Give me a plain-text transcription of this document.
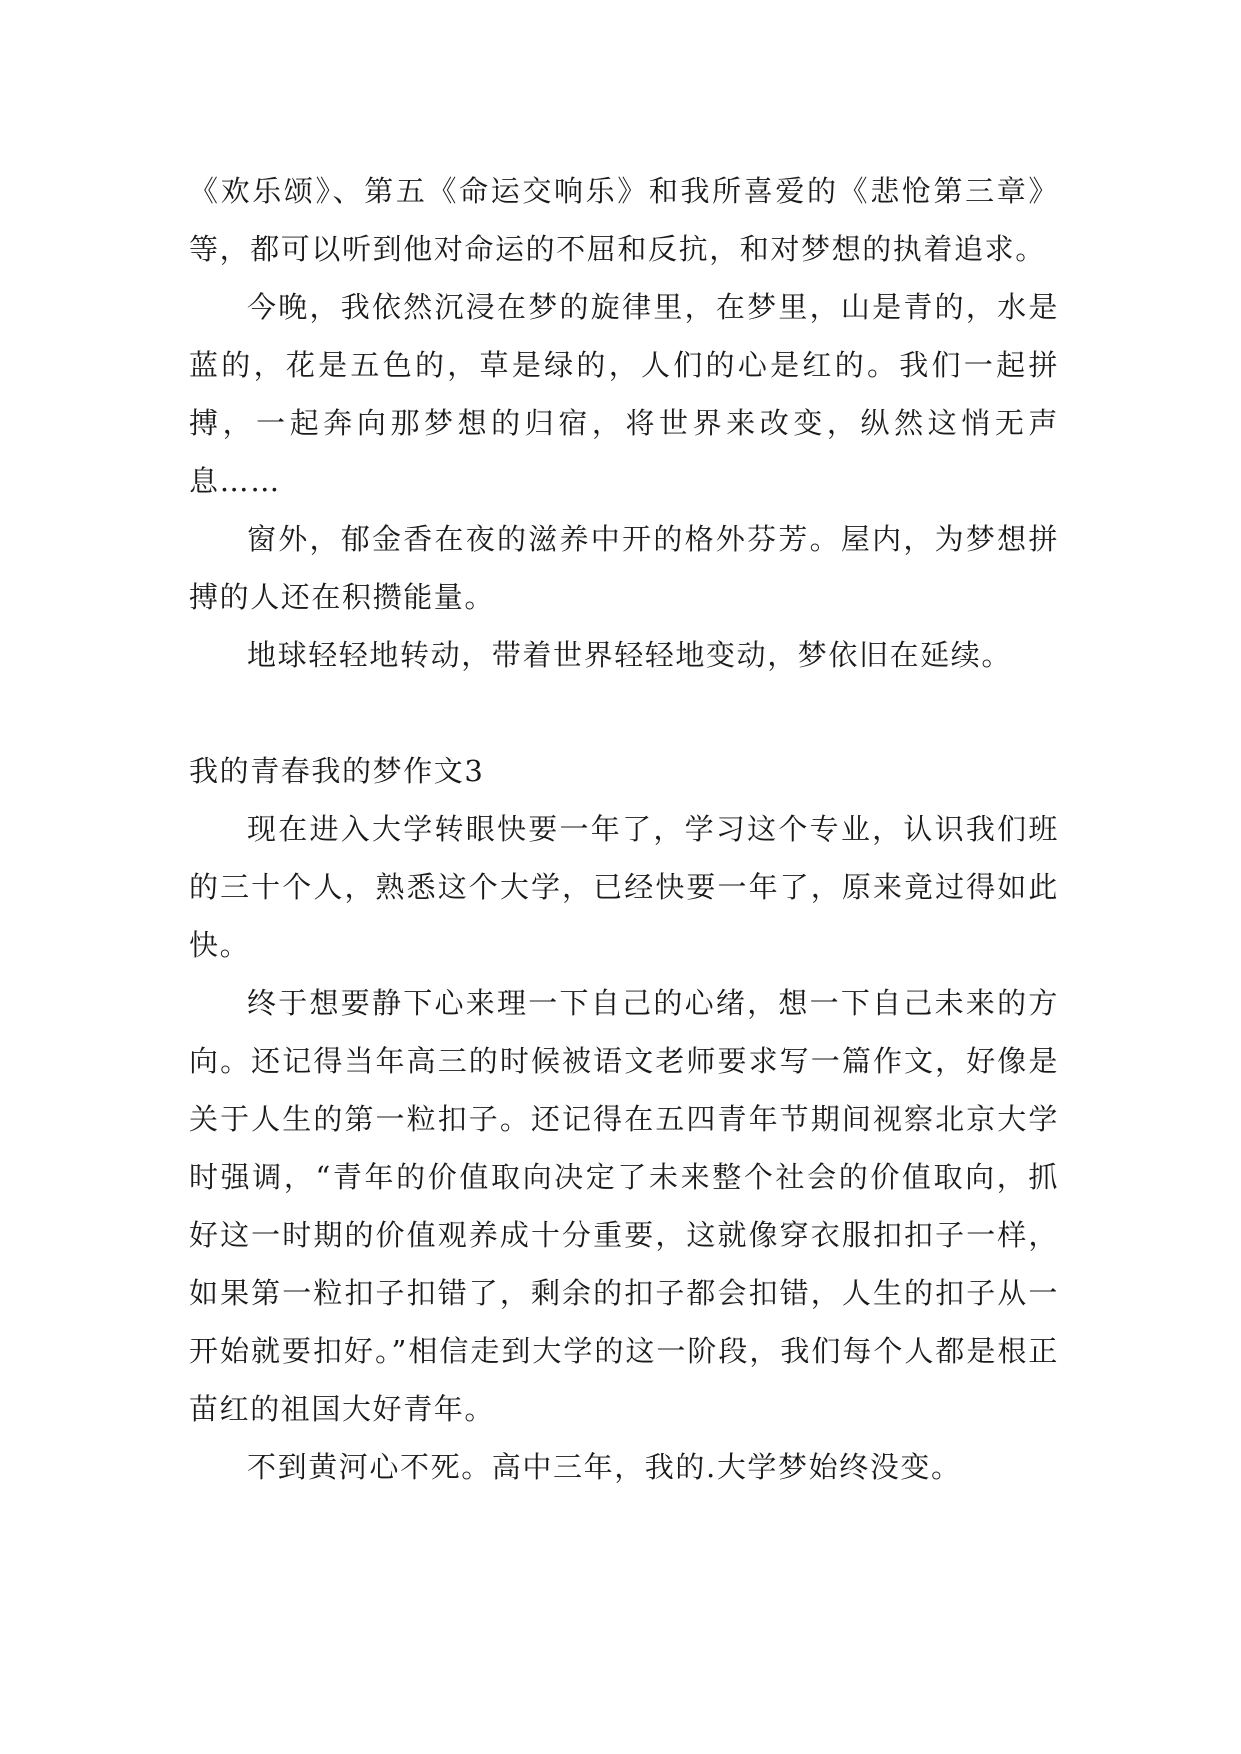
《欢乐颂》、第五《命运交响乐》和我所喜爱的《悲怆第三章》等，都可以听到他对命运的不屈和反抗，和对梦想的执着追求。

今晚，我依然沉浸在梦的旋律里，在梦里，山是青的，水是蓝的，花是五色的，草是绿的，人们的心是红的。我们一起拼搏，一起奔向那梦想的归宿，将世界来改变，纵然这悄无声息……

窗外，郁金香在夜的滋养中开的格外芬芳。屋内，为梦想拼搏的人还在积攒能量。

地球轻轻地转动，带着世界轻轻地变动，梦依旧在延续。

我的青春我的梦作文3

现在进入大学转眼快要一年了，学习这个专业，认识我们班的三十个人，熟悉这个大学，已经快要一年了，原来竟过得如此快。

终于想要静下心来理一下自己的心绪，想一下自己未来的方向。还记得当年高三的时候被语文老师要求写一篇作文，好像是关于人生的第一粒扣子。还记得在五四青年节期间视察北京大学时强调，“青年的价值取向决定了未来整个社会的价值取向，抓好这一时期的价值观养成十分重要，这就像穿衣服扣扣子一样，如果第一粒扣子扣错了，剩余的扣子都会扣错，人生的扣子从一开始就要扣好。”相信走到大学的这一阶段，我们每个人都是根正苗红的祖国大好青年。

不到黄河心不死。高中三年，我的.大学梦始终没变。
